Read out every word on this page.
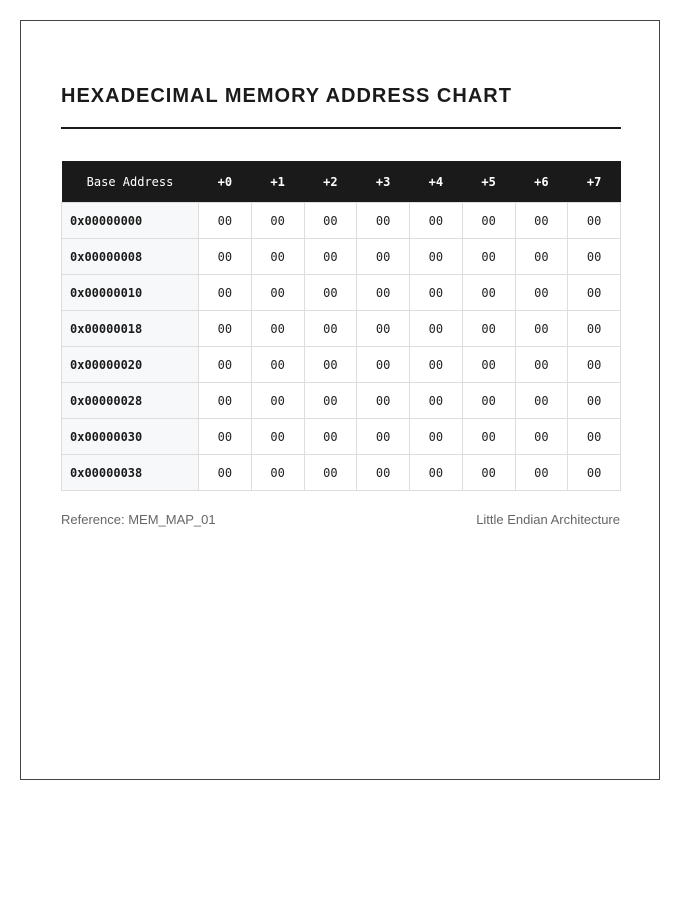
HEXADECIMAL MEMORY ADDRESS CHART
Base Address	+0	+1	+2	+3	+4	+5	+6	+7
0x00000000	00	00	00	00	00	00	00	00
0x00000008	00	00	00	00	00	00	00	00
0x00000010	00	00	00	00	00	00	00	00
0x00000018	00	00	00	00	00	00	00	00
0x00000020	00	00	00	00	00	00	00	00
0x00000028	00	00	00	00	00	00	00	00
0x00000030	00	00	00	00	00	00	00	00
0x00000038	00	00	00	00	00	00	00	00
Reference: MEM_MAP_01	Little Endian Architecture
